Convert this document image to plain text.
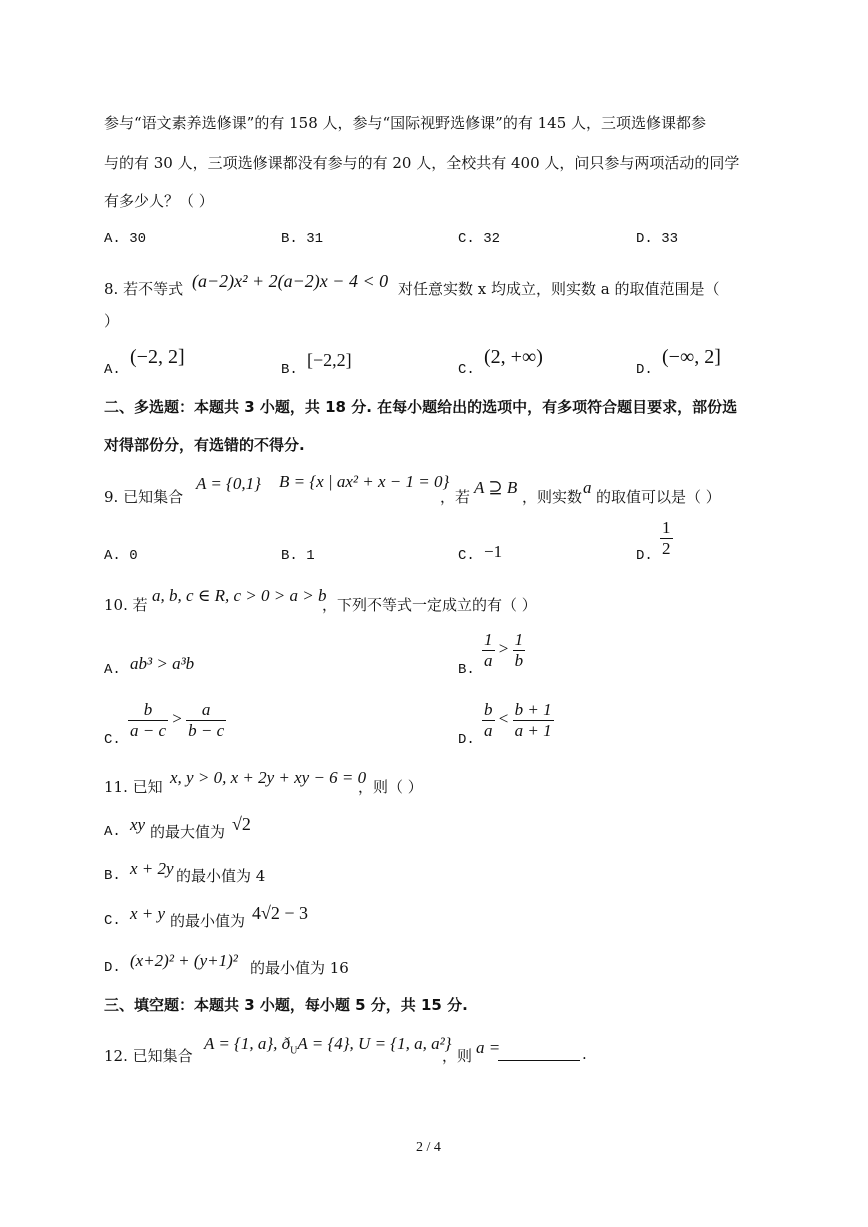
参与“语文素养选修课”的有 158 人，参与“国际视野选修课”的有 145 人，三项选修课都参
与的有 30 人，三项选修课都没有参与的有 20 人，全校共有 400 人，问只参与两项活动的同学
有多少人？（ ）
A. 30	B. 31	C. 32	D. 33
8. 若不等式 (a−2)x² + 2(a−2)x − 4 < 0 对任意实数 x 均成立，则实数 a 的取值范围是（
）
A.
(−2, 2]
B. [−2,2]	C.
(2, +∞)
D.
(−∞, 2]
二、多选题：本题共 3 小题，共 18 分. 在每小题给出的选项中，有多项符合题目要求，部份选
对得部份分，有选错的不得分.
9. 已知集合
A = {0,1} B = {x | ax² + x − 1 = 0}
，若 A ⊇ B ，则实数 a 的取值可以是（ ）
A. 0	B. 1	C. −1	D. $\frac{1}{2}$
10. 若 a, b, c ∈ R, c > 0 > a > b
，下列不等式一定成立的有（ ）
A. ab³ > a³b	B. $\frac{1}{a} > \frac{1}{b}$
C. $\frac{b}{a - c} > \frac{a}{b - c}$	D. $\frac{b}{a} < \frac{b + 1}{a + 1}$
11. 已知 x, y > 0, x + 2y + xy − 6 = 0
，则（ ）
A. xy 的最大值为 √2
B. x + 2y 的最小值为 4
C. x + y 的最小值为 4√2 − 3
D. (x+2)² + (y+1)² 的最小值为 16
三、填空题：本题共 3 小题，每小题 5 分，共 15 分.
12. 已知集合
A = {1, a}, $ð_UA = \{4\}$, U = {1, a, a²}
，则 a =	.
2 / 4
